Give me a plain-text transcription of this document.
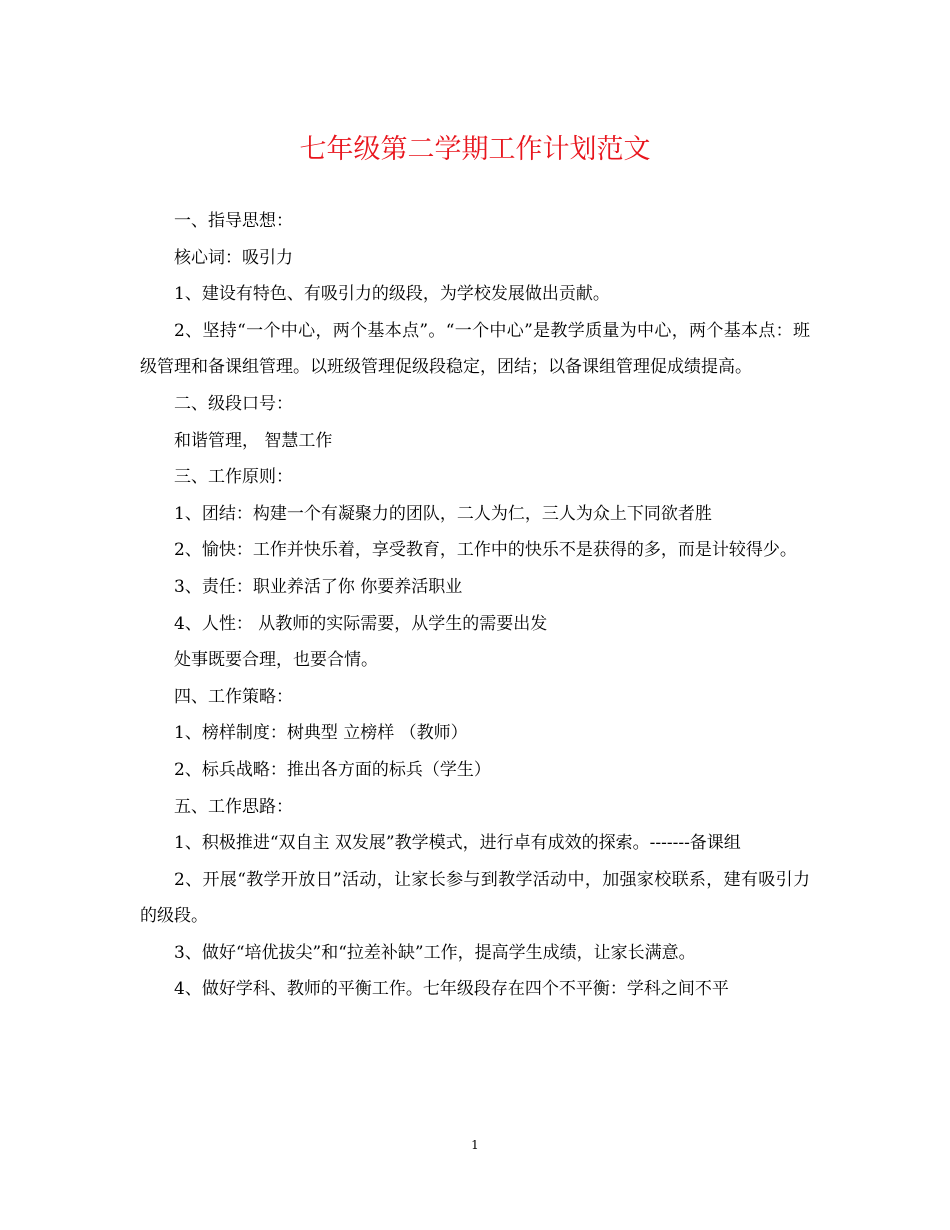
七年级第二学期工作计划范文

一、指导思想：

核心词：吸引力

1、建设有特色、有吸引力的级段，为学校发展做出贡献。

2、坚持“一个中心，两个基本点”。“一个中心”是教学质量为中心，两个基本点：班级管理和备课组管理。以班级管理促级段稳定，团结；以备课组管理促成绩提高。

二、级段口号：

和谐管理， 智慧工作

三、工作原则：

1、团结：构建一个有凝聚力的团队，二人为仁，三人为众上下同欲者胜

2、愉快：工作并快乐着，享受教育，工作中的快乐不是获得的多，而是计较得少。

3、责任：职业养活了你 你要养活职业

4、人性： 从教师的实际需要，从学生的需要出发

处事既要合理，也要合情。

四、工作策略：

1、榜样制度：树典型 立榜样 （教师）

2、标兵战略：推出各方面的标兵（学生）

五、工作思路：

1、积极推进“双自主 双发展”教学模式，进行卓有成效的探索。-------备课组

2、开展“教学开放日”活动，让家长参与到教学活动中，加强家校联系，建有吸引力的级段。

3、做好“培优拔尖”和“拉差补缺”工作，提高学生成绩，让家长满意。

4、做好学科、教师的平衡工作。七年级段存在四个不平衡：学科之间不平

1
